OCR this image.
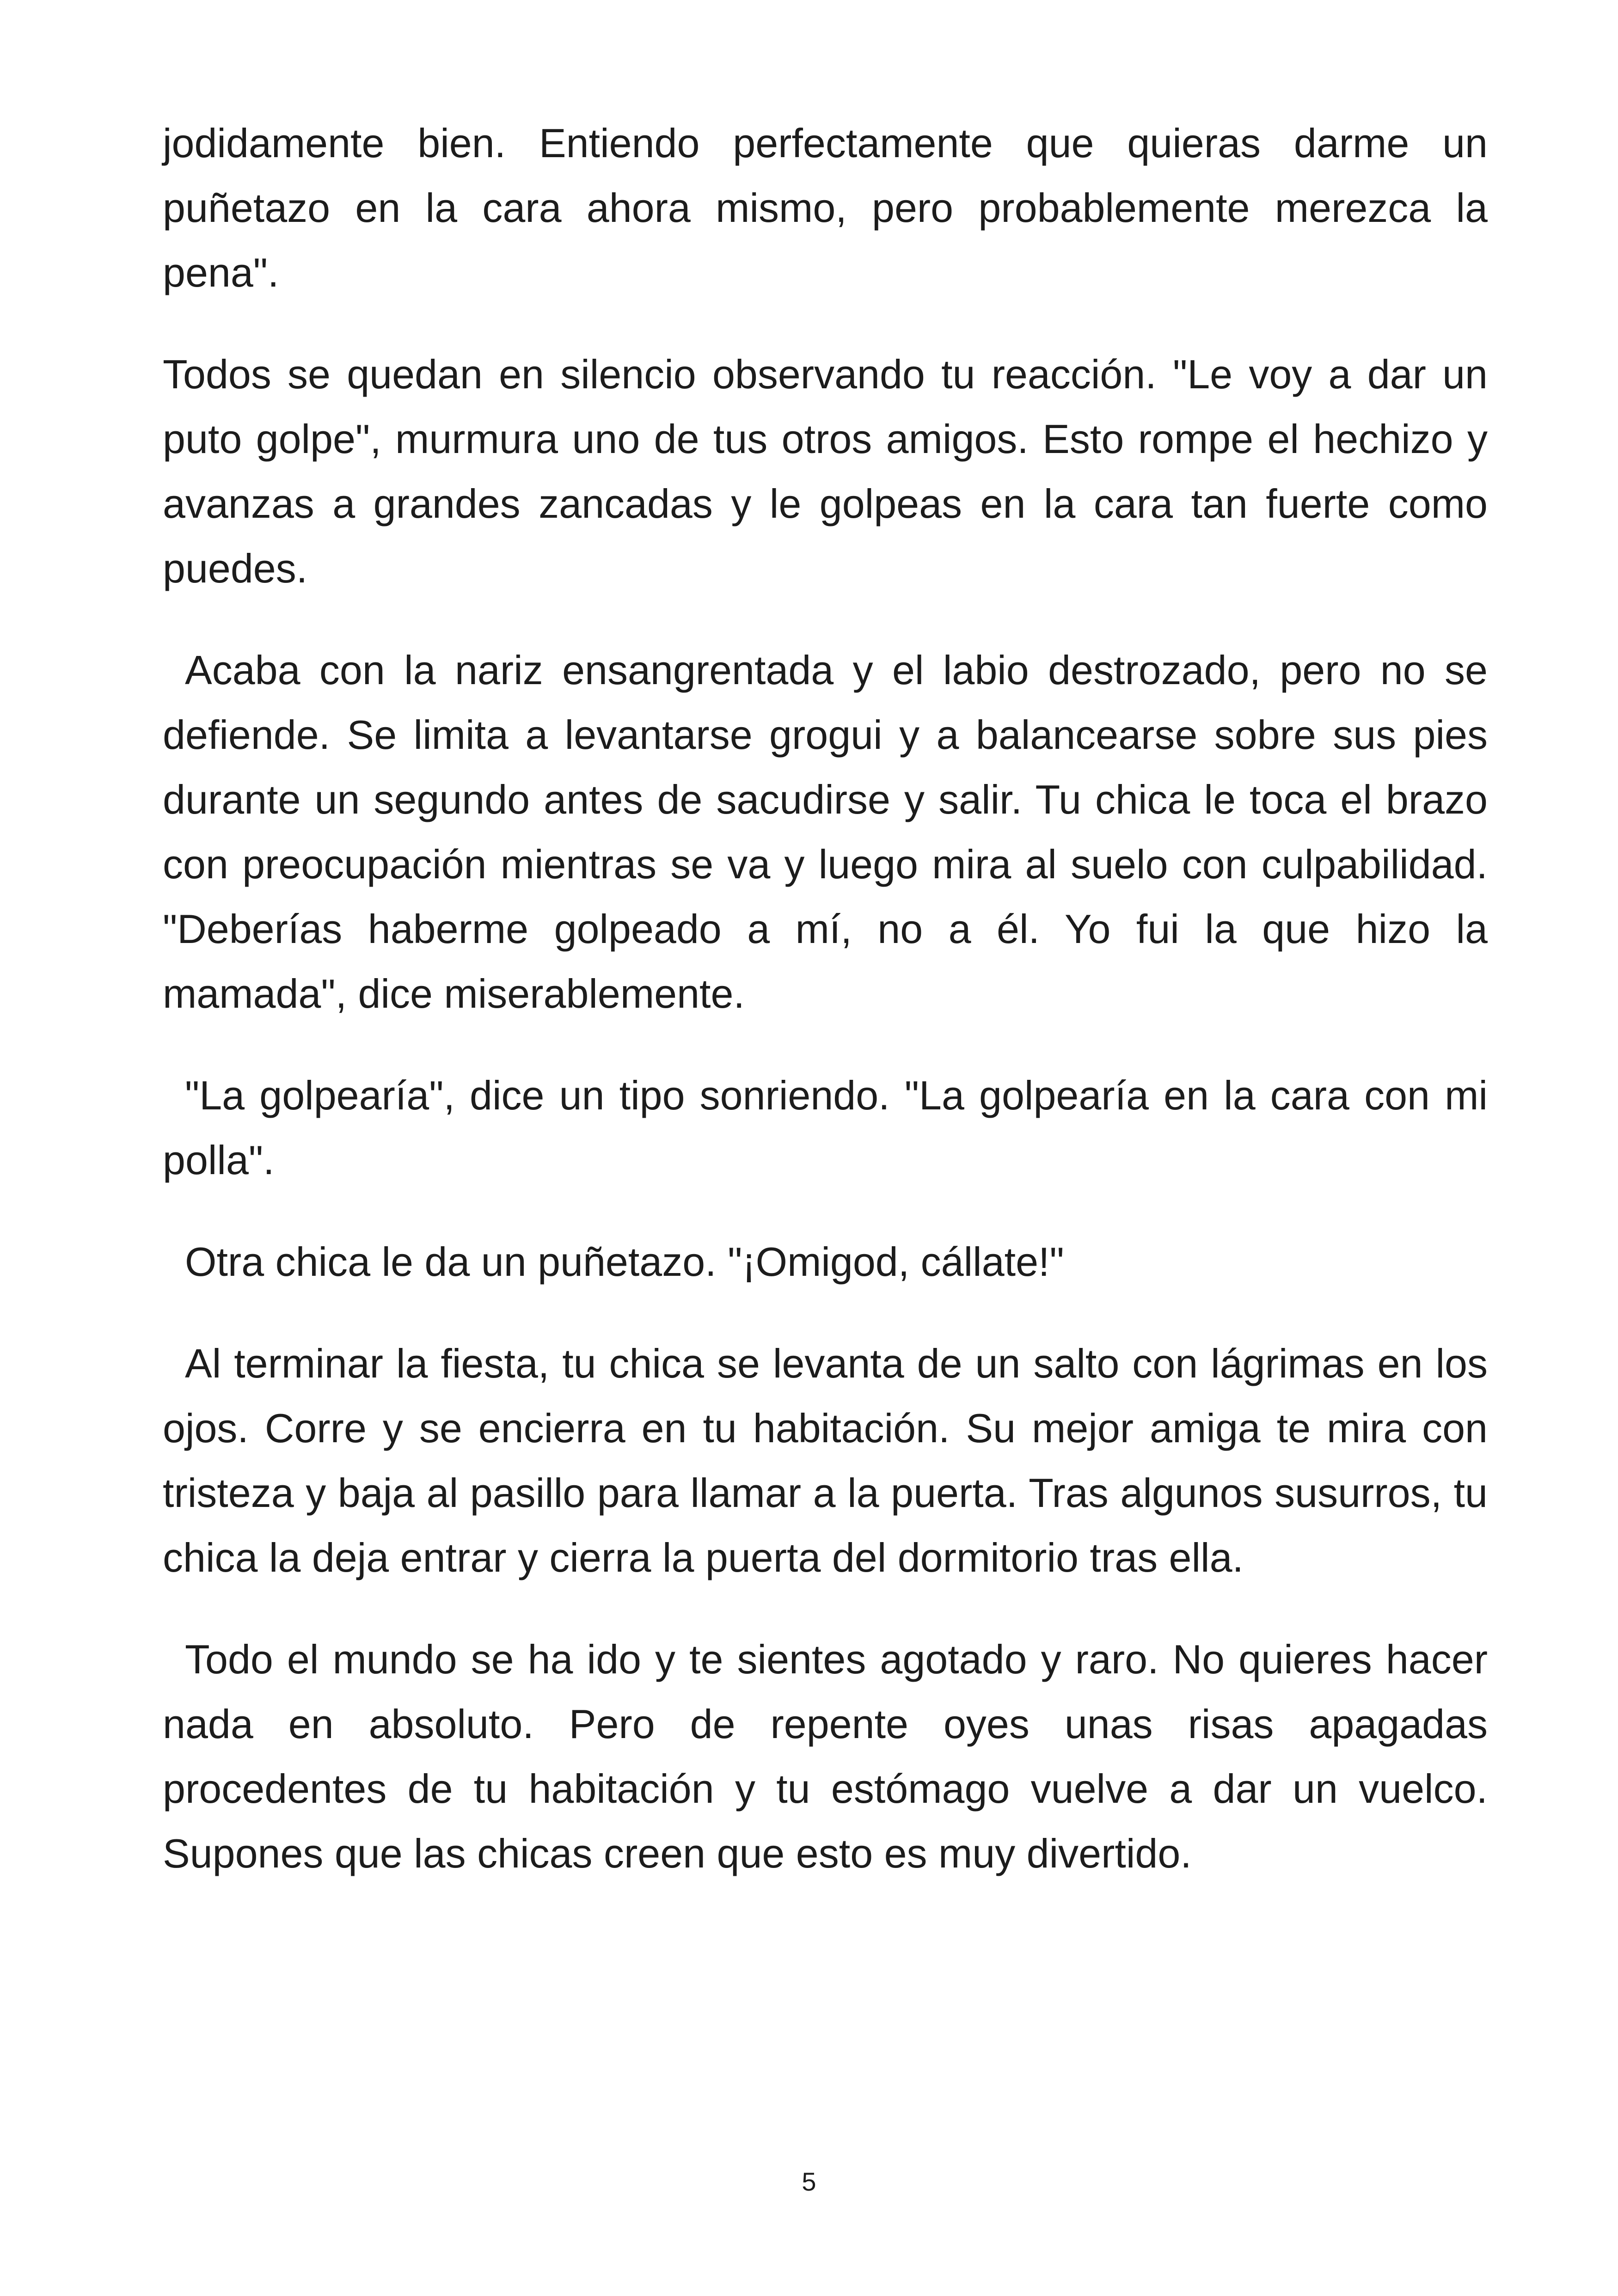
jodidamente bien. Entiendo perfectamente que quieras darme un puñetazo en la cara ahora mismo, pero probablemente merezca la pena".

Todos se quedan en silencio observando tu reacción. "Le voy a dar un puto golpe", murmura uno de tus otros amigos. Esto rompe el hechizo y avanzas a grandes zancadas y le golpeas en la cara tan fuerte como puedes.

Acaba con la nariz ensangrentada y el labio destrozado, pero no se defiende. Se limita a levantarse grogui y a balancearse sobre sus pies durante un segundo antes de sacudirse y salir. Tu chica le toca el brazo con preocupación mientras se va y luego mira al suelo con culpabilidad. "Deberías haberme golpeado a mí, no a él. Yo fui la que hizo la mamada", dice miserablemente.

"La golpearía", dice un tipo sonriendo. "La golpearía en la cara con mi polla".

Otra chica le da un puñetazo. "¡Omigod, cállate!"

Al terminar la fiesta, tu chica se levanta de un salto con lágrimas en los ojos. Corre y se encierra en tu habitación. Su mejor amiga te mira con tristeza y baja al pasillo para llamar a la puerta. Tras algunos susurros, tu chica la deja entrar y cierra la puerta del dormitorio tras ella.

Todo el mundo se ha ido y te sientes agotado y raro. No quieres hacer nada en absoluto. Pero de repente oyes unas risas apagadas procedentes de tu habitación y tu estómago vuelve a dar un vuelco. Supones que las chicas creen que esto es muy divertido.

5
